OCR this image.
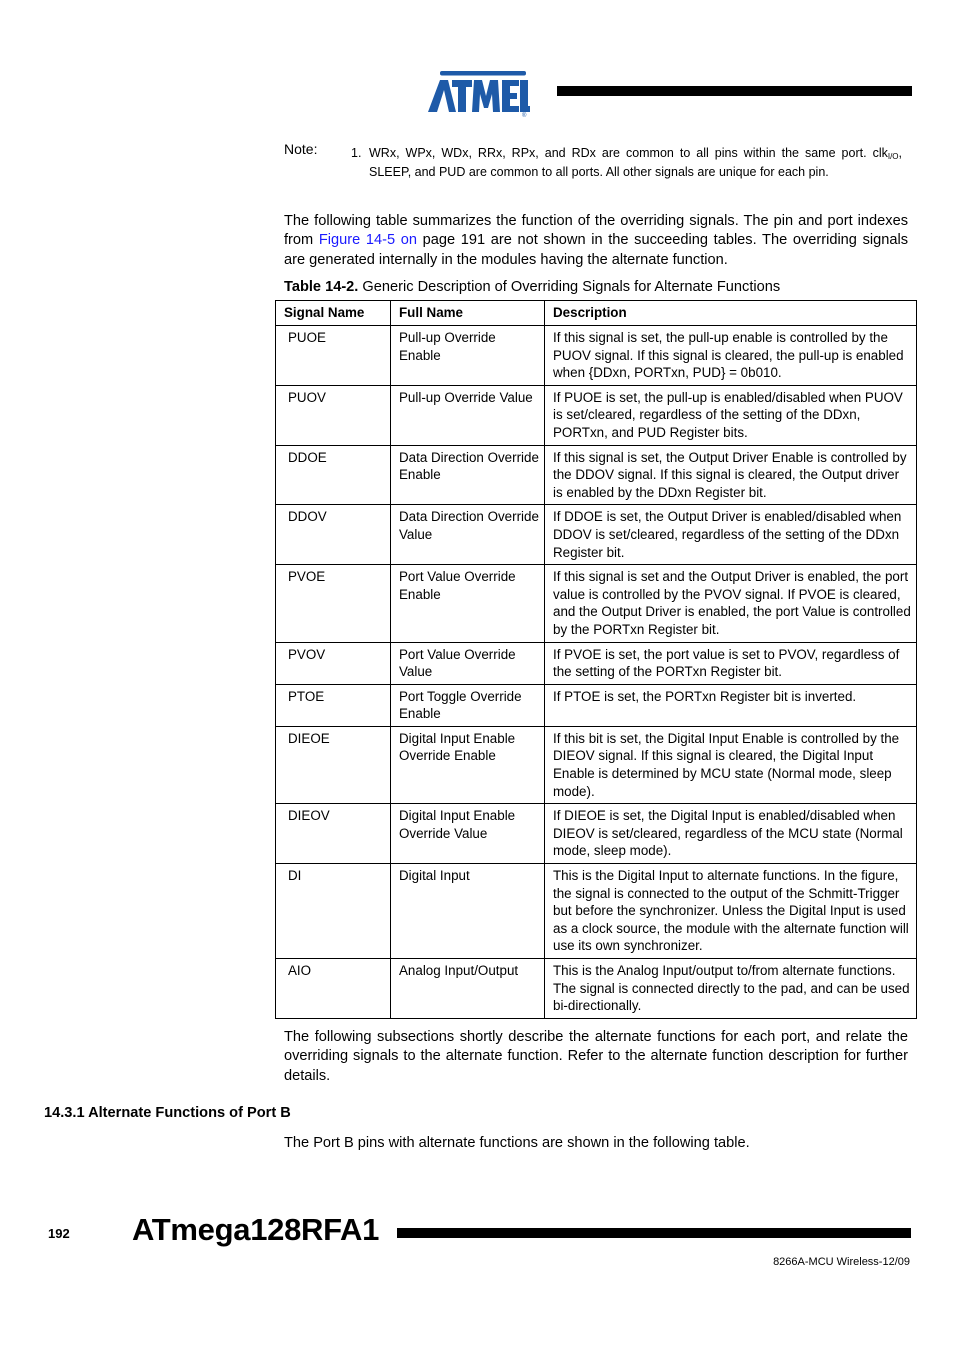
®
Note:	1. WRx, WPx, WDx, RRx, RPx, and RDx are common to all pins within the same port. clk$_{I/O}$, SLEEP, and PUD are common to all ports. All other signals are unique for each pin.
The following table summarizes the function of the overriding signals. The pin and port indexes from Figure 14-5 on page 191 are not shown in the succeeding tables. The overriding signals are generated internally in the modules having the alternate function.
Table 14-2. Generic Description of Overriding Signals for Alternate Functions
Signal Name	Full Name	Description
PUOE	Pull-up Override Enable	If this signal is set, the pull-up enable is controlled by the PUOV signal. If this signal is cleared, the pull-up is enabled when {DDxn, PORTxn, PUD} = 0b010.
PUOV	Pull-up Override Value	If PUOE is set, the pull-up is enabled/disabled when PUOV is set/cleared, regardless of the setting of the DDxn, PORTxn, and PUD Register bits.
DDOE	Data Direction Override Enable	If this signal is set, the Output Driver Enable is controlled by the DDOV signal. If this signal is cleared, the Output driver is enabled by the DDxn Register bit.
DDOV	Data Direction Override Value	If DDOE is set, the Output Driver is enabled/disabled when DDOV is set/cleared, regardless of the setting of the DDxn Register bit.
PVOE	Port Value Override Enable	If this signal is set and the Output Driver is enabled, the port value is controlled by the PVOV signal. If PVOE is cleared, and the Output Driver is enabled, the port Value is controlled by the PORTxn Register bit.
PVOV	Port Value Override Value	If PVOE is set, the port value is set to PVOV, regardless of the setting of the PORTxn Register bit.
PTOE	Port Toggle Override Enable	If PTOE is set, the PORTxn Register bit is inverted.
DIEOE	Digital Input Enable Override Enable	If this bit is set, the Digital Input Enable is controlled by the DIEOV signal. If this signal is cleared, the Digital Input Enable is determined by MCU state (Normal mode, sleep mode).
DIEOV	Digital Input Enable Override Value	If DIEOE is set, the Digital Input is enabled/disabled when DIEOV is set/cleared, regardless of the MCU state (Normal mode, sleep mode).
DI	Digital Input	This is the Digital Input to alternate functions. In the figure, the signal is connected to the output of the Schmitt-Trigger but before the synchronizer. Unless the Digital Input is used as a clock source, the module with the alternate function will use its own synchronizer.
AIO	Analog Input/Output	This is the Analog Input/output to/from alternate functions. The signal is connected directly to the pad, and can be used bi-directionally.
The following subsections shortly describe the alternate functions for each port, and relate the overriding signals to the alternate function. Refer to the alternate function description for further details.
14.3.1 Alternate Functions of Port B
The Port B pins with alternate functions are shown in the following table.
192 ATmega128RFA1
8266A-MCU Wireless-12/09
